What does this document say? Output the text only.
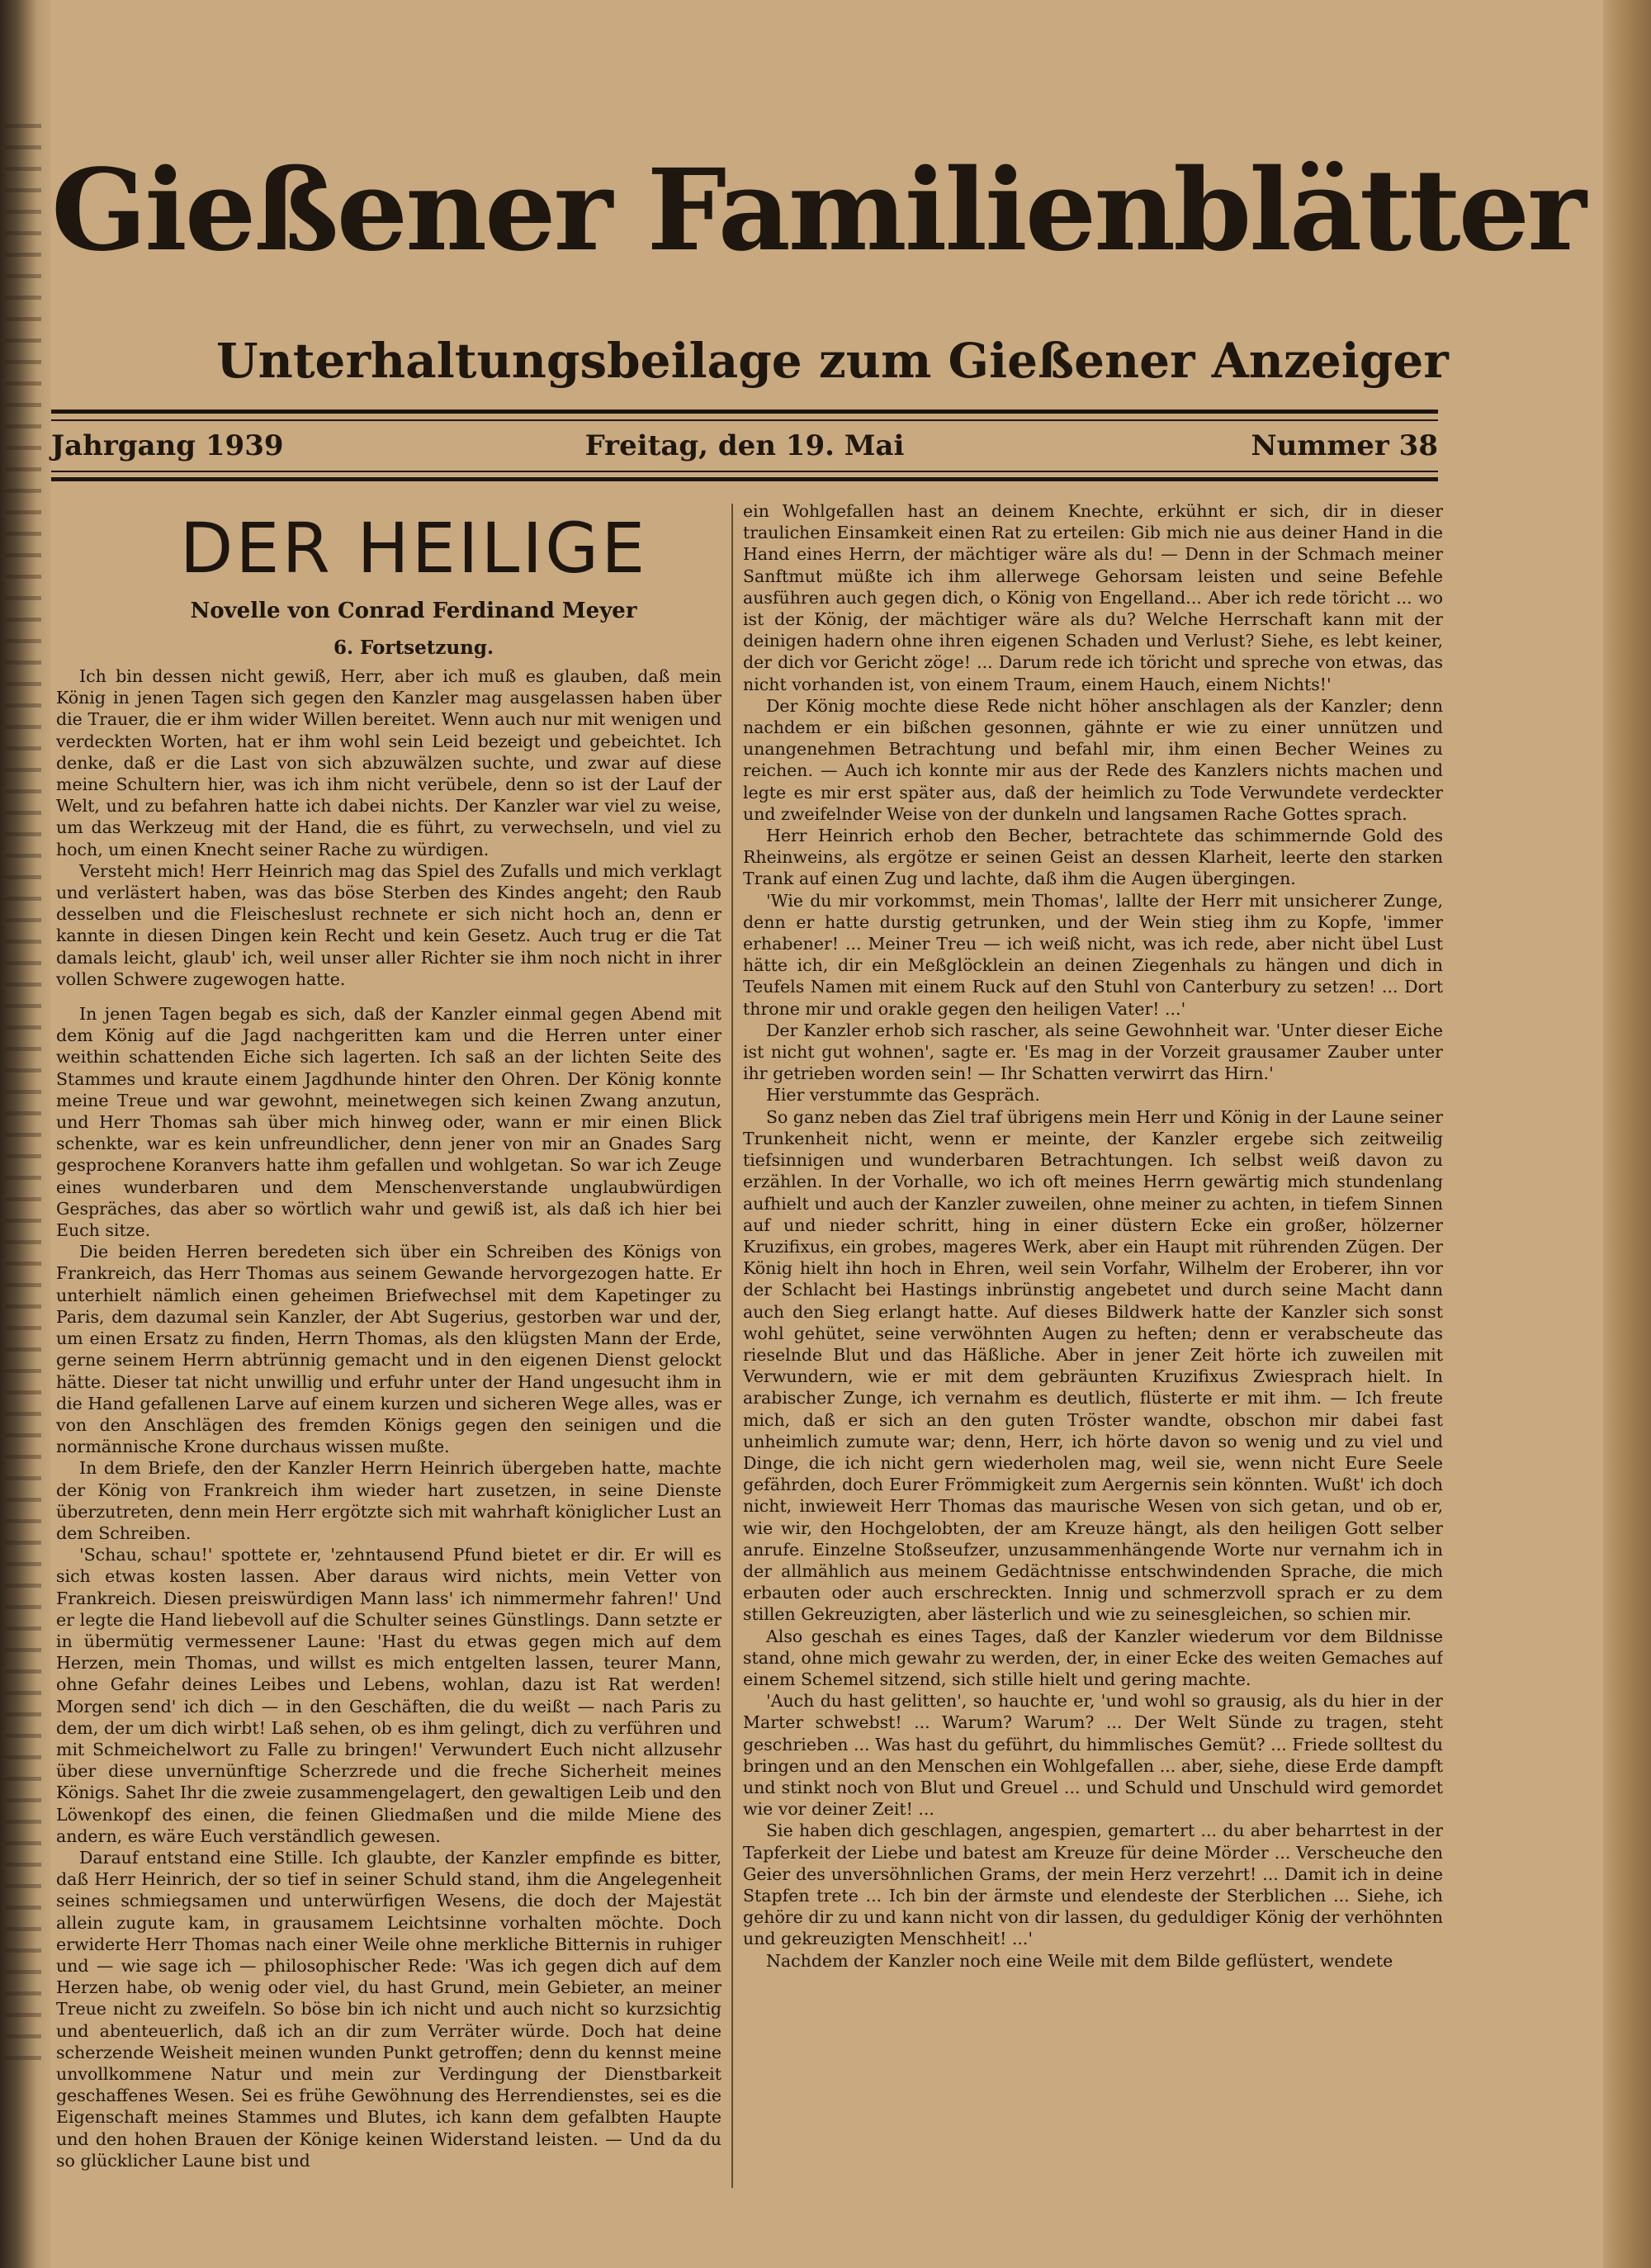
Gießener Familienblätter
Unterhaltungsbeilage zum Gießener Anzeiger
Jahrgang 1939	Freitag, den 19. Mai	Nummer 38
DER HEILIGE
Novelle von Conrad Ferdinand Meyer
6. Fortsetzung.

Ich bin dessen nicht gewiß, Herr, aber ich muß es glauben, daß mein König in jenen Tagen sich gegen den Kanzler mag ausgelassen haben über die Trauer, die er ihm wider Willen bereitet. Wenn auch nur mit wenigen und verdeckten Worten, hat er ihm wohl sein Leid bezeigt und gebeichtet. Ich denke, daß er die Last von sich abzuwälzen suchte, und zwar auf diese meine Schultern hier, was ich ihm nicht verübele, denn so ist der Lauf der Welt, und zu befahren hatte ich dabei nichts. Der Kanzler war viel zu weise, um das Werkzeug mit der Hand, die es führt, zu verwechseln, und viel zu hoch, um einen Knecht seiner Rache zu würdigen.

Versteht mich! Herr Heinrich mag das Spiel des Zufalls und mich verklagt und verlästert haben, was das böse Sterben des Kindes angeht; den Raub desselben und die Fleischeslust rechnete er sich nicht hoch an, denn er kannte in diesen Dingen kein Recht und kein Gesetz. Auch trug er die Tat damals leicht, glaub' ich, weil unser aller Richter sie ihm noch nicht in ihrer vollen Schwere zugewogen hatte.

In jenen Tagen begab es sich, daß der Kanzler einmal gegen Abend mit dem König auf die Jagd nachgeritten kam und die Herren unter einer weithin schattenden Eiche sich lagerten. Ich saß an der lichten Seite des Stammes und kraute einem Jagdhunde hinter den Ohren. Der König konnte meine Treue und war gewohnt, meinetwegen sich keinen Zwang anzutun, und Herr Thomas sah über mich hinweg oder, wann er mir einen Blick schenkte, war es kein unfreundlicher, denn jener von mir an Gnades Sarg gesprochene Koranvers hatte ihm gefallen und wohlgetan. So war ich Zeuge eines wunderbaren und dem Menschenverstande unglaubwürdigen Gespräches, das aber so wörtlich wahr und gewiß ist, als daß ich hier bei Euch sitze.

Die beiden Herren beredeten sich über ein Schreiben des Königs von Frankreich, das Herr Thomas aus seinem Gewande hervorgezogen hatte. Er unterhielt nämlich einen geheimen Briefwechsel mit dem Kapetinger zu Paris, dem dazumal sein Kanzler, der Abt Sugerius, gestorben war und der, um einen Ersatz zu finden, Herrn Thomas, als den klügsten Mann der Erde, gerne seinem Herrn abtrünnig gemacht und in den eigenen Dienst gelockt hätte. Dieser tat nicht unwillig und erfuhr unter der Hand ungesucht ihm in die Hand gefallenen Larve auf einem kurzen und sicheren Wege alles, was er von den Anschlägen des fremden Königs gegen den seinigen und die normännische Krone durchaus wissen mußte.

In dem Briefe, den der Kanzler Herrn Heinrich übergeben hatte, machte der König von Frankreich ihm wieder hart zusetzen, in seine Dienste überzutreten, denn mein Herr ergötzte sich mit wahrhaft königlicher Lust an dem Schreiben.

'Schau, schau!' spottete er, 'zehntausend Pfund bietet er dir. Er will es sich etwas kosten lassen. Aber daraus wird nichts, mein Vetter von Frankreich. Diesen preiswürdigen Mann lass' ich nimmermehr fahren!' Und er legte die Hand liebevoll auf die Schulter seines Günstlings. Dann setzte er in übermütig vermessener Laune: 'Hast du etwas gegen mich auf dem Herzen, mein Thomas, und willst es mich entgelten lassen, teurer Mann, ohne Gefahr deines Leibes und Lebens, wohlan, dazu ist Rat werden! Morgen send' ich dich — in den Geschäften, die du weißt — nach Paris zu dem, der um dich wirbt! Laß sehen, ob es ihm gelingt, dich zu verführen und mit Schmeichelwort zu Falle zu bringen!' Verwundert Euch nicht allzusehr über diese unvernünftige Scherzrede und die freche Sicherheit meines Königs. Sahet Ihr die zweie zusammengelagert, den gewaltigen Leib und den Löwenkopf des einen, die feinen Gliedmaßen und die milde Miene des andern, es wäre Euch verständlich gewesen.

Darauf entstand eine Stille. Ich glaubte, der Kanzler empfinde es bitter, daß Herr Heinrich, der so tief in seiner Schuld stand, ihm die Angelegenheit seines schmiegsamen und unterwürfigen Wesens, die doch der Majestät allein zugute kam, in grausamem Leichtsinne vorhalten möchte. Doch erwiderte Herr Thomas nach einer Weile ohne merkliche Bitternis in ruhiger und — wie sage ich — philosophischer Rede: 'Was ich gegen dich auf dem Herzen habe, ob wenig oder viel, du hast Grund, mein Gebieter, an meiner Treue nicht zu zweifeln. So böse bin ich nicht und auch nicht so kurzsichtig und abenteuerlich, daß ich an dir zum Verräter würde. Doch hat deine scherzende Weisheit meinen wunden Punkt getroffen; denn du kennst meine unvollkommene Natur und mein zur Verdingung der Dienstbarkeit geschaffenes Wesen. Sei es frühe Gewöhnung des Herrendienstes, sei es die Eigenschaft meines Stammes und Blutes, ich kann dem gefalbten Haupte und den hohen Brauen der Könige keinen Widerstand leisten. — Und da du so glücklicher Laune bist und

ein Wohlgefallen hast an deinem Knechte, erkühnt er sich, dir in dieser traulichen Einsamkeit einen Rat zu erteilen: Gib mich nie aus deiner Hand in die Hand eines Herrn, der mächtiger wäre als du! — Denn in der Schmach meiner Sanftmut müßte ich ihm allerwege Gehorsam leisten und seine Befehle ausführen auch gegen dich, o König von Engelland... Aber ich rede töricht ... wo ist der König, der mächtiger wäre als du? Welche Herrschaft kann mit der deinigen hadern ohne ihren eigenen Schaden und Verlust? Siehe, es lebt keiner, der dich vor Gericht zöge! ... Darum rede ich töricht und spreche von etwas, das nicht vorhanden ist, von einem Traum, einem Hauch, einem Nichts!'

Der König mochte diese Rede nicht höher anschlagen als der Kanzler; denn nachdem er ein bißchen gesonnen, gähnte er wie zu einer unnützen und unangenehmen Betrachtung und befahl mir, ihm einen Becher Weines zu reichen. — Auch ich konnte mir aus der Rede des Kanzlers nichts machen und legte es mir erst später aus, daß der heimlich zu Tode Verwundete verdeckter und zweifelnder Weise von der dunkeln und langsamen Rache Gottes sprach.

Herr Heinrich erhob den Becher, betrachtete das schimmernde Gold des Rheinweins, als ergötze er seinen Geist an dessen Klarheit, leerte den starken Trank auf einen Zug und lachte, daß ihm die Augen übergingen.

'Wie du mir vorkommst, mein Thomas', lallte der Herr mit unsicherer Zunge, denn er hatte durstig getrunken, und der Wein stieg ihm zu Kopfe, 'immer erhabener! ... Meiner Treu — ich weiß nicht, was ich rede, aber nicht übel Lust hätte ich, dir ein Meßglöcklein an deinen Ziegenhals zu hängen und dich in Teufels Namen mit einem Ruck auf den Stuhl von Canterbury zu setzen! ... Dort throne mir und orakle gegen den heiligen Vater! ...'

Der Kanzler erhob sich rascher, als seine Gewohnheit war. 'Unter dieser Eiche ist nicht gut wohnen', sagte er. 'Es mag in der Vorzeit grausamer Zauber unter ihr getrieben worden sein! — Ihr Schatten verwirrt das Hirn.'

Hier verstummte das Gespräch.

So ganz neben das Ziel traf übrigens mein Herr und König in der Laune seiner Trunkenheit nicht, wenn er meinte, der Kanzler ergebe sich zeitweilig tiefsinnigen und wunderbaren Betrachtungen. Ich selbst weiß davon zu erzählen. In der Vorhalle, wo ich oft meines Herrn gewärtig mich stundenlang aufhielt und auch der Kanzler zuweilen, ohne meiner zu achten, in tiefem Sinnen auf und nieder schritt, hing in einer düstern Ecke ein großer, hölzerner Kruzifixus, ein grobes, mageres Werk, aber ein Haupt mit rührenden Zügen. Der König hielt ihn hoch in Ehren, weil sein Vorfahr, Wilhelm der Eroberer, ihn vor der Schlacht bei Hastings inbrünstig angebetet und durch seine Macht dann auch den Sieg erlangt hatte. Auf dieses Bildwerk hatte der Kanzler sich sonst wohl gehütet, seine verwöhnten Augen zu heften; denn er verabscheute das rieselnde Blut und das Häßliche. Aber in jener Zeit hörte ich zuweilen mit Verwundern, wie er mit dem gebräunten Kruzifixus Zwiesprach hielt. In arabischer Zunge, ich vernahm es deutlich, flüsterte er mit ihm. — Ich freute mich, daß er sich an den guten Tröster wandte, obschon mir dabei fast unheimlich zumute war; denn, Herr, ich hörte davon so wenig und zu viel und Dinge, die ich nicht gern wiederholen mag, weil sie, wenn nicht Eure Seele gefährden, doch Eurer Frömmigkeit zum Aergernis sein könnten. Wußt' ich doch nicht, inwieweit Herr Thomas das maurische Wesen von sich getan, und ob er, wie wir, den Hochgelobten, der am Kreuze hängt, als den heiligen Gott selber anrufe. Einzelne Stoßseufzer, unzusammenhängende Worte nur vernahm ich in der allmählich aus meinem Gedächtnisse entschwindenden Sprache, die mich erbauten oder auch erschreckten. Innig und schmerzvoll sprach er zu dem stillen Gekreuzigten, aber lästerlich und wie zu seinesgleichen, so schien mir.

Also geschah es eines Tages, daß der Kanzler wiederum vor dem Bildnisse stand, ohne mich gewahr zu werden, der, in einer Ecke des weiten Gemaches auf einem Schemel sitzend, sich stille hielt und gering machte.

'Auch du hast gelitten', so hauchte er, 'und wohl so grausig, als du hier in der Marter schwebst! ... Warum? Warum? ... Der Welt Sünde zu tragen, steht geschrieben ... Was hast du geführt, du himmlisches Gemüt? ... Friede solltest du bringen und an den Menschen ein Wohlgefallen ... aber, siehe, diese Erde dampft und stinkt noch von Blut und Greuel ... und Schuld und Unschuld wird gemordet wie vor deiner Zeit! ...

Sie haben dich geschlagen, angespien, gemartert ... du aber beharrtest in der Tapferkeit der Liebe und batest am Kreuze für deine Mörder ... Verscheuche den Geier des unversöhnlichen Grams, der mein Herz verzehrt! ... Damit ich in deine Stapfen trete ... Ich bin der ärmste und elendeste der Sterblichen ... Siehe, ich gehöre dir zu und kann nicht von dir lassen, du geduldiger König der verhöhnten und gekreuzigten Menschheit! ...'

Nachdem der Kanzler noch eine Weile mit dem Bilde geflüstert, wendete
